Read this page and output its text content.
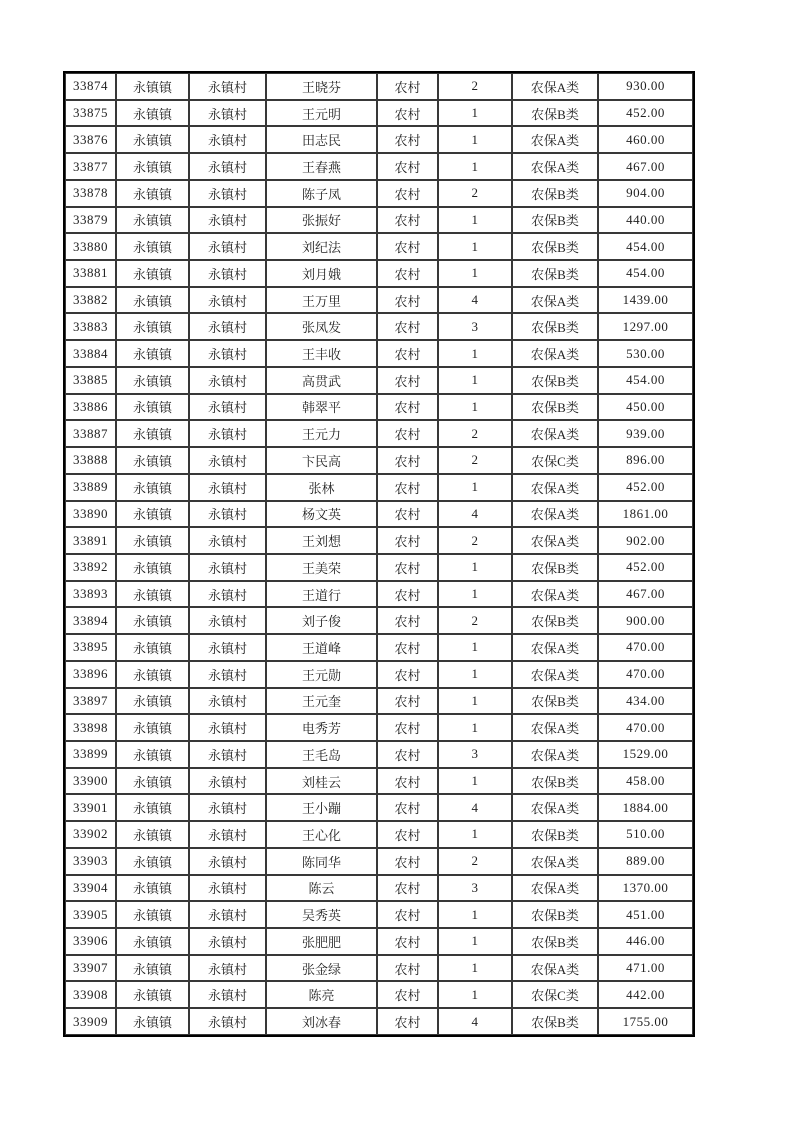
33874	永镇镇	永镇村	王晓芬	农村	2	农保A类	930.00
33875	永镇镇	永镇村	王元明	农村	1	农保B类	452.00
33876	永镇镇	永镇村	田志民	农村	1	农保A类	460.00
33877	永镇镇	永镇村	王春燕	农村	1	农保A类	467.00
33878	永镇镇	永镇村	陈子凤	农村	2	农保B类	904.00
33879	永镇镇	永镇村	张振好	农村	1	农保B类	440.00
33880	永镇镇	永镇村	刘纪法	农村	1	农保B类	454.00
33881	永镇镇	永镇村	刘月娥	农村	1	农保B类	454.00
33882	永镇镇	永镇村	王万里	农村	4	农保A类	1439.00
33883	永镇镇	永镇村	张凤发	农村	3	农保B类	1297.00
33884	永镇镇	永镇村	王丰收	农村	1	农保A类	530.00
33885	永镇镇	永镇村	高贯武	农村	1	农保B类	454.00
33886	永镇镇	永镇村	韩翠平	农村	1	农保B类	450.00
33887	永镇镇	永镇村	王元力	农村	2	农保A类	939.00
33888	永镇镇	永镇村	卞民高	农村	2	农保C类	896.00
33889	永镇镇	永镇村	张林	农村	1	农保A类	452.00
33890	永镇镇	永镇村	杨文英	农村	4	农保A类	1861.00
33891	永镇镇	永镇村	王刘想	农村	2	农保A类	902.00
33892	永镇镇	永镇村	王美荣	农村	1	农保B类	452.00
33893	永镇镇	永镇村	王道行	农村	1	农保A类	467.00
33894	永镇镇	永镇村	刘子俊	农村	2	农保B类	900.00
33895	永镇镇	永镇村	王道峰	农村	1	农保A类	470.00
33896	永镇镇	永镇村	王元勋	农村	1	农保A类	470.00
33897	永镇镇	永镇村	王元奎	农村	1	农保B类	434.00
33898	永镇镇	永镇村	电秀芳	农村	1	农保A类	470.00
33899	永镇镇	永镇村	王毛岛	农村	3	农保A类	1529.00
33900	永镇镇	永镇村	刘桂云	农村	1	农保B类	458.00
33901	永镇镇	永镇村	王小蹦	农村	4	农保A类	1884.00
33902	永镇镇	永镇村	王心化	农村	1	农保B类	510.00
33903	永镇镇	永镇村	陈同华	农村	2	农保A类	889.00
33904	永镇镇	永镇村	陈云	农村	3	农保A类	1370.00
33905	永镇镇	永镇村	吴秀英	农村	1	农保B类	451.00
33906	永镇镇	永镇村	张肥肥	农村	1	农保B类	446.00
33907	永镇镇	永镇村	张金绿	农村	1	农保A类	471.00
33908	永镇镇	永镇村	陈亮	农村	1	农保C类	442.00
33909	永镇镇	永镇村	刘冰春	农村	4	农保B类	1755.00
